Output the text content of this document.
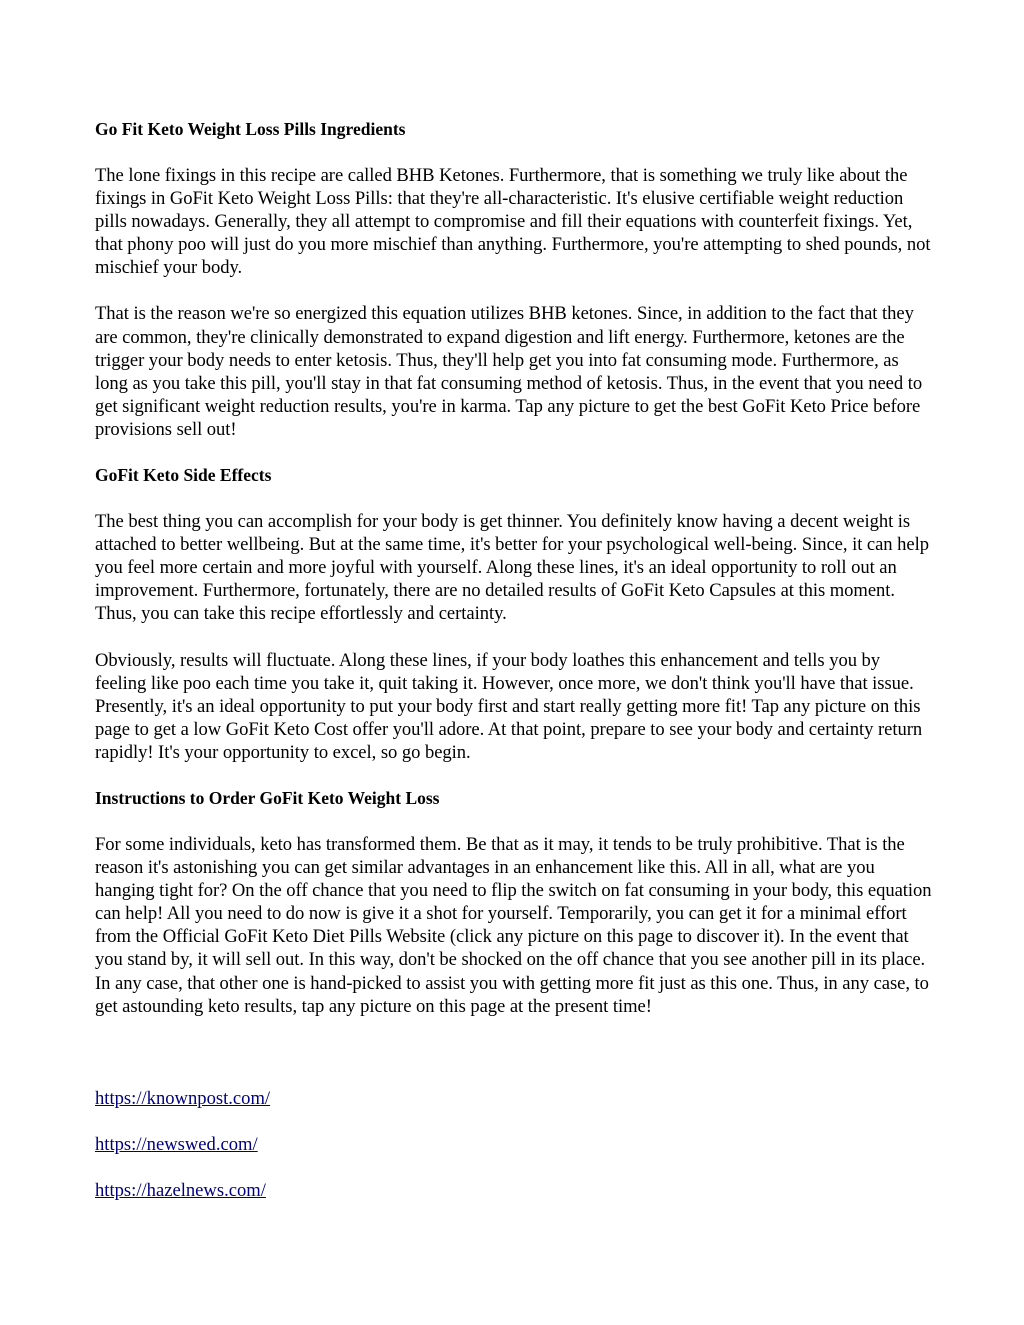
Go Fit Keto Weight Loss Pills Ingredients

The lone fixings in this recipe are called BHB Ketones. Furthermore, that is something we truly like about the fixings in GoFit Keto Weight Loss Pills: that they're all-characteristic. It's elusive certifiable weight reduction pills nowadays. Generally, they all attempt to compromise and fill their equations with counterfeit fixings. Yet, that phony poo will just do you more mischief than anything. Furthermore, you're attempting to shed pounds, not mischief your body.

That is the reason we're so energized this equation utilizes BHB ketones. Since, in addition to the fact that they are common, they're clinically demonstrated to expand digestion and lift energy. Furthermore, ketones are the trigger your body needs to enter ketosis. Thus, they'll help get you into fat consuming mode. Furthermore, as long as you take this pill, you'll stay in that fat consuming method of ketosis. Thus, in the event that you need to get significant weight reduction results, you're in karma. Tap any picture to get the best GoFit Keto Price before provisions sell out!

GoFit Keto Side Effects

The best thing you can accomplish for your body is get thinner. You definitely know having a decent weight is attached to better wellbeing. But at the same time, it's better for your psychological well-being. Since, it can help you feel more certain and more joyful with yourself. Along these lines, it's an ideal opportunity to roll out an improvement. Furthermore, fortunately, there are no detailed results of GoFit Keto Capsules at this moment. Thus, you can take this recipe effortlessly and certainty.

Obviously, results will fluctuate. Along these lines, if your body loathes this enhancement and tells you by feeling like poo each time you take it, quit taking it. However, once more, we don't think you'll have that issue. Presently, it's an ideal opportunity to put your body first and start really getting more fit! Tap any picture on this page to get a low GoFit Keto Cost offer you'll adore. At that point, prepare to see your body and certainty return rapidly! It's your opportunity to excel, so go begin.

Instructions to Order GoFit Keto Weight Loss

For some individuals, keto has transformed them. Be that as it may, it tends to be truly prohibitive. That is the reason it's astonishing you can get similar advantages in an enhancement like this. All in all, what are you hanging tight for? On the off chance that you need to flip the switch on fat consuming in your body, this equation can help! All you need to do now is give it a shot for yourself. Temporarily, you can get it for a minimal effort from the Official GoFit Keto Diet Pills Website (click any picture on this page to discover it). In the event that you stand by, it will sell out. In this way, don't be shocked on the off chance that you see another pill in its place. In any case, that other one is hand-picked to assist you with getting more fit just as this one. Thus, in any case, to get astounding keto results, tap any picture on this page at the present time!

https://knownpost.com/
https://newswed.com/
https://hazelnews.com/
